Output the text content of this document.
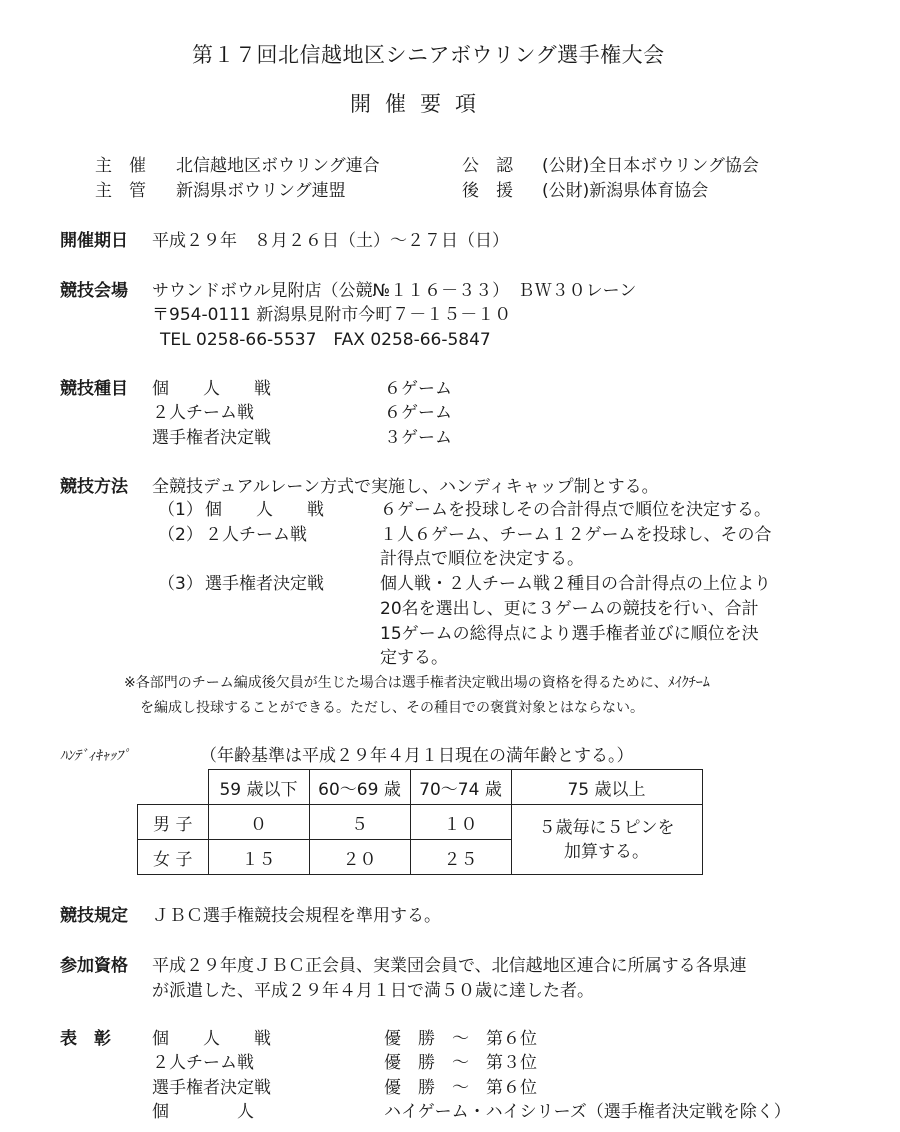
第１７回北信越地区シニアボウリング選手権大会
開催要項
主　催 北信越地区ボウリング連合	公　認 (公財)全日本ボウリング協会
主　管 新潟県ボウリング連盟	後　援 (公財)新潟県体育協会
開催期日 平成２９年　８月２６日（土）～２７日（日）
競技会場 サウンドボウル見附店（公競№１１６－３３）　ＢＷ３０レーン
〒954-0111 新潟県見附市今町７－１５－１０
TEL 0258-66-5537　FAX 0258-66-5847
競技種目 個　　人　　戦	６ゲーム
２人チーム戦	６ゲーム
選手権者決定戦	３ゲーム
競技方法 全競技デュアルレーン方式で実施し、ハンディキャップ制とする。
（1） 個　　人　　戦	６ゲームを投球しその合計得点で順位を決定する。
（2） ２人チーム戦	１人６ゲーム、チーム１２ゲームを投球し、その合
計得点で順位を決定する。
（3） 選手権者決定戦	個人戦・２人チーム戦２種目の合計得点の上位より
20名を選出し、更に３ゲームの競技を行い、合計
15ゲームの総得点により選手権者並びに順位を決
定する。
※各部門のチーム編成後欠員が生じた場合は選手権者決定戦出場の資格を得るために、ﾒｲｸﾁｰﾑ
を編成し投球することができる。ただし、その種目での褒賞対象とはならない。
ﾊﾝﾃﾞｨｷｬｯﾌﾟ	（年齢基準は平成２９年４月１日現在の満年齢とする。）
	59 歳以下	60～69 歳	70～74 歳	75 歳以上
男 子	０	５	１０	５歳毎に５ピンを
加算する。

女 子	１５	２０	２５	
競技規定 ＪＢＣ選手権競技会規程を準用する。
参加資格 平成２９年度ＪＢＣ正会員、実業団会員で、北信越地区連合に所属する各県連
が派遣した、平成２９年４月１日で満５０歳に達した者。
表　彰 個　　人　　戦	優　勝　～　第６位
２人チーム戦	優　勝　～　第３位
選手権者決定戦	優　勝　～　第６位
個　　　　人	ハイゲーム・ハイシリーズ（選手権者決定戦を除く）
